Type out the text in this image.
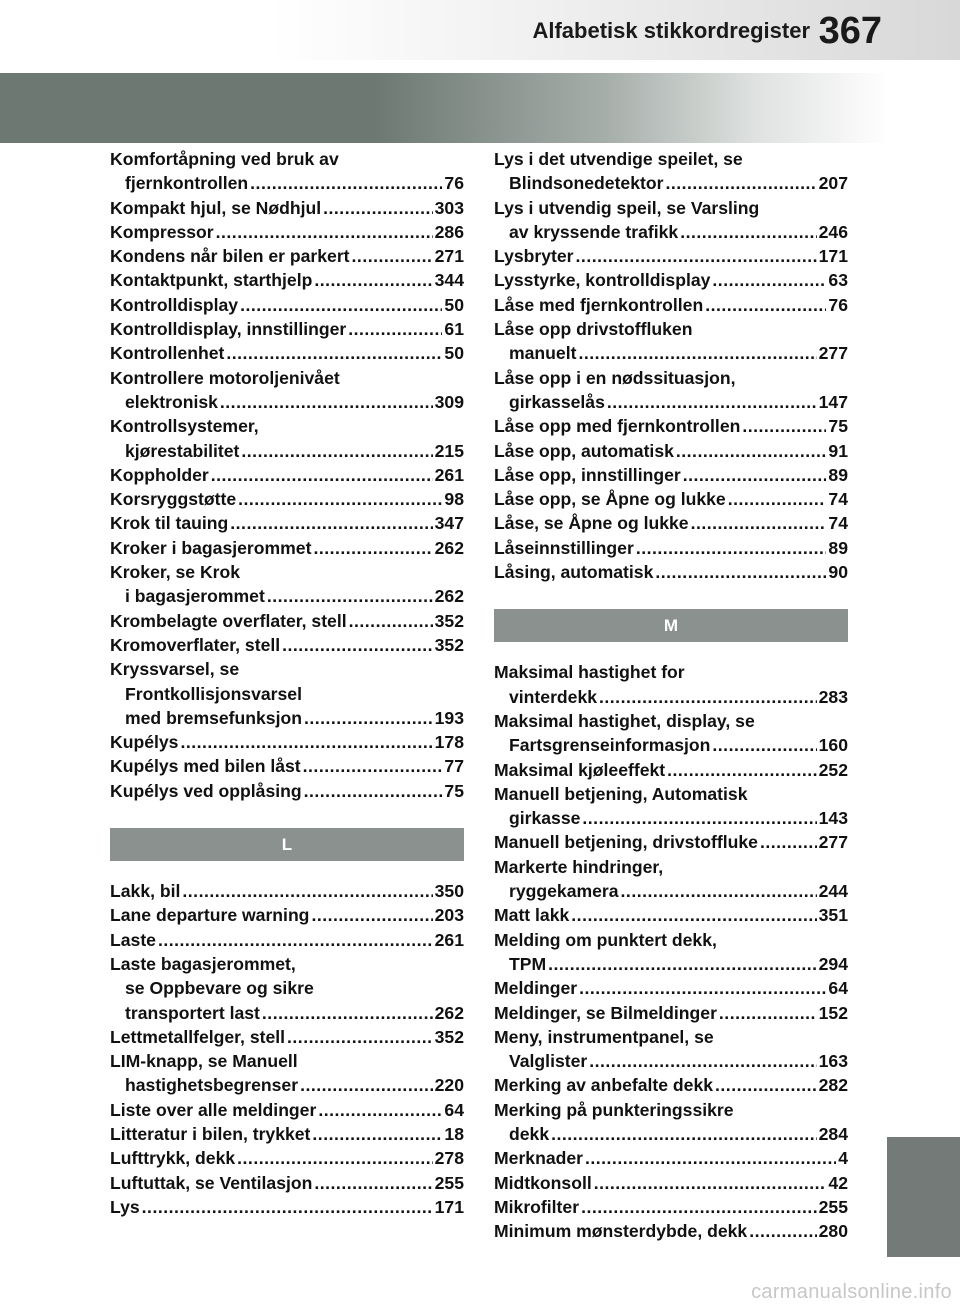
Alfabetisk stikkordregister 367
Komfortåpning ved bruk av
fjernkontrollen .....	76
Kompakt hjul, se Nødhjul .....	303
Kompressor .....	286
Kondens når bilen er parkert .....	271
Kontaktpunkt, starthjelp .....	344
Kontrolldisplay .....	50
Kontrolldisplay, innstillinger .....	61
Kontrollenhet .....	50
Kontrollere motoroljenivået
elektronisk .....	309
Kontrollsystemer,
kjørestabilitet .....	215
Koppholder .....	261
Korsryggstøtte .....	98
Krok til tauing .....	347
Kroker i bagasjerommet .....	262
Kroker, se Krok
i bagasjerommet .....	262
Krombelagte overflater, stell .....	352
Kromoverflater, stell .....	352
Kryssvarsel, se
Frontkollisjonsvarsel
med bremsefunksjon .....	193
Kupélys .....	178
Kupélys med bilen låst .....	77
Kupélys ved opplåsing .....	75
L
Lakk, bil .....	350
Lane departure warning .....	203
Laste .....	261
Laste bagasjerommet,
se Oppbevare og sikre
transportert last .....	262
Lettmetallfelger, stell .....	352
LIM-knapp, se Manuell
hastighetsbegrenser .....	220
Liste over alle meldinger .....	64
Litteratur i bilen, trykket .....	18
Lufttrykk, dekk .....	278
Luftuttak, se Ventilasjon .....	255
Lys .....	171
Lys i det utvendige speilet, se
Blindsonedetektor .....	207
Lys i utvendig speil, se Varsling
av kryssende trafikk .....	246
Lysbryter .....	171
Lysstyrke, kontrolldisplay .....	63
Låse med fjernkontrollen .....	76
Låse opp drivstoffluken
manuelt .....	277
Låse opp i en nødssituasjon,
girkasselås .....	147
Låse opp med fjernkontrollen .....	75
Låse opp, automatisk .....	91
Låse opp, innstillinger .....	89
Låse opp, se Åpne og lukke .....	74
Låse, se Åpne og lukke .....	74
Låseinnstillinger .....	89
Låsing, automatisk .....	90
M
Maksimal hastighet for
vinterdekk .....	283
Maksimal hastighet, display, se
Fartsgrenseinformasjon .....	160
Maksimal kjøleeffekt .....	252
Manuell betjening, Automatisk
girkasse .....	143
Manuell betjening, drivstoffluke .....	277
Markerte hindringer,
ryggekamera .....	244
Matt lakk .....	351
Melding om punktert dekk,
TPM .....	294
Meldinger .....	64
Meldinger, se Bilmeldinger .....	152
Meny, instrumentpanel, se
Valglister .....	163
Merking av anbefalte dekk .....	282
Merking på punkteringssikre
dekk .....	284
Merknader .....	4
Midtkonsoll .....	42
Mikrofilter .....	255
Minimum mønsterdybde, dekk .....	280
carmanualsonline.info
